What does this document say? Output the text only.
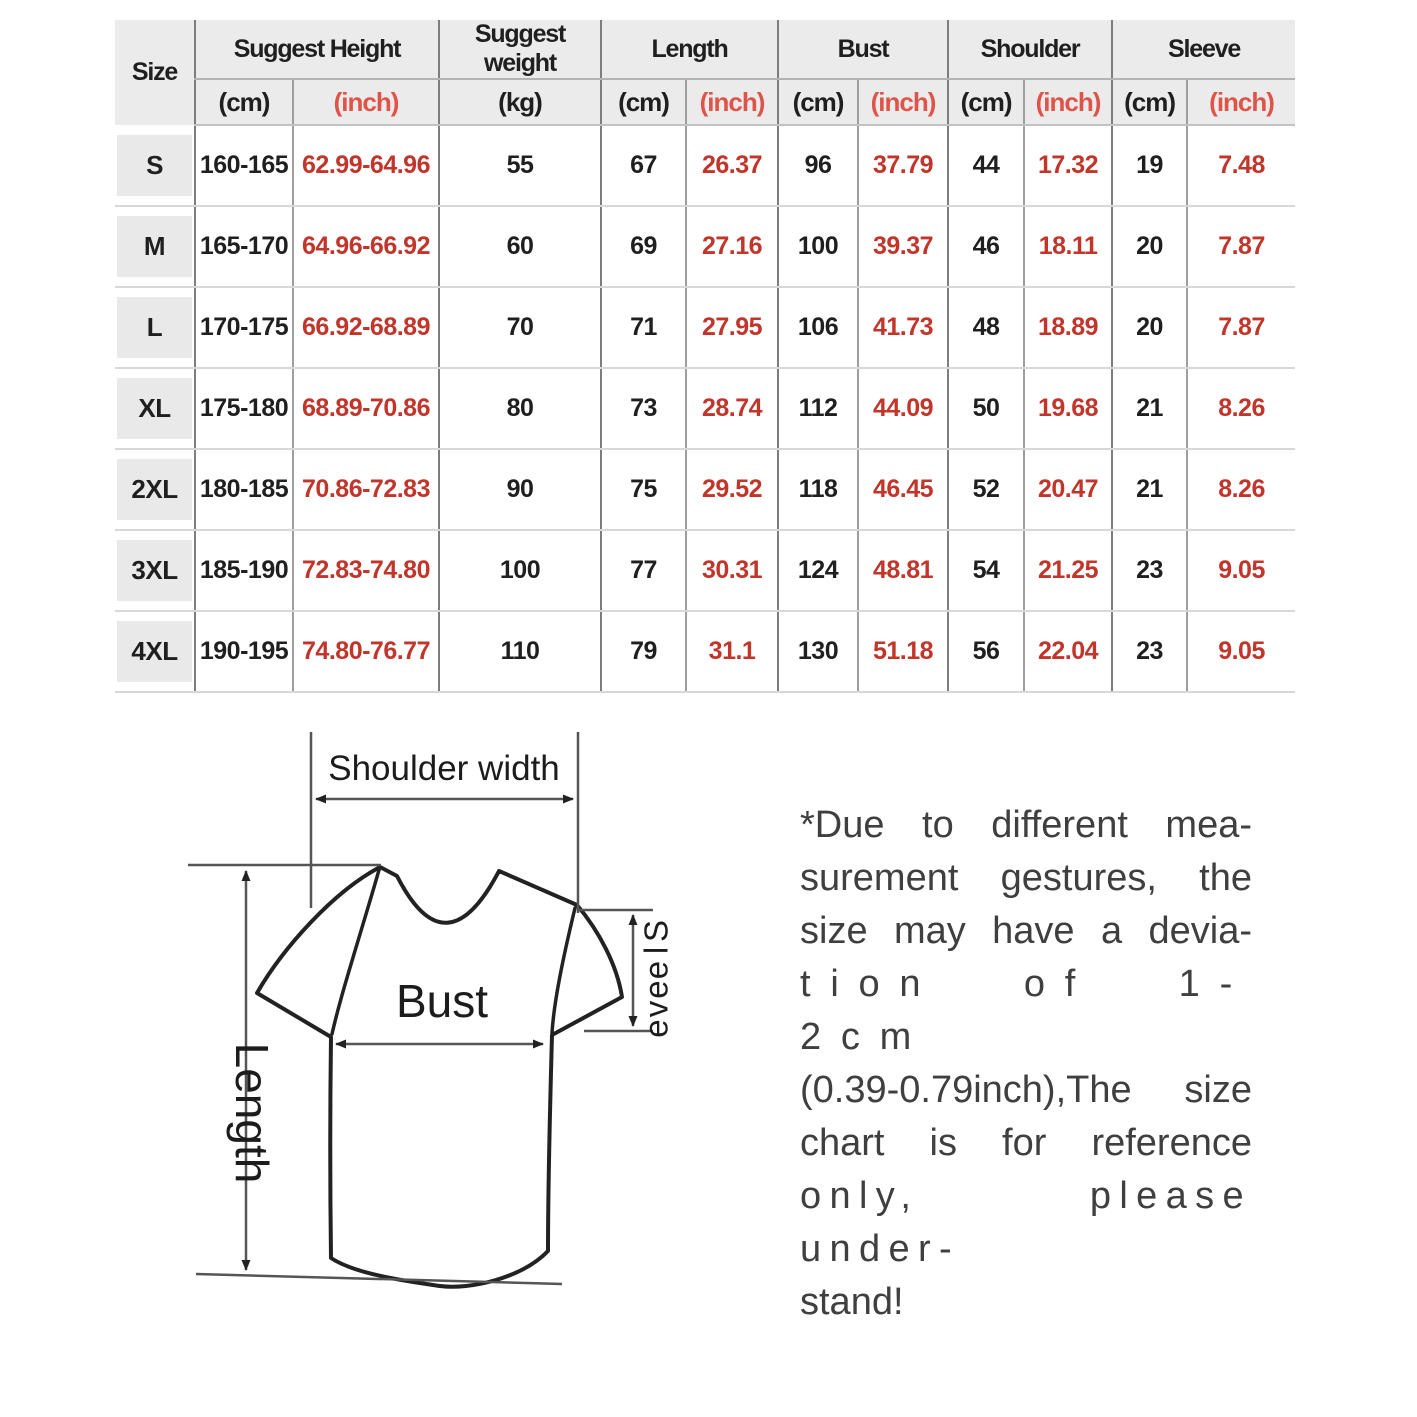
Size	Suggest Height		Suggest weight	Length		Bust		Shoulder		Sleeve	
	(cm)	(inch)	(kg)	(cm)	(inch)	(cm)	(inch)	(cm)	(inch)	(cm)	(inch)

S	160-165	62.99-64.96	55	67	26.37	96	37.79	44	17.32	19	7.48

M	165-170	64.96-66.92	60	69	27.16	100	39.37	46	18.11	20	7.87

L	170-175	66.92-68.89	70	71	27.95	106	41.73	48	18.89	20	7.87

XL	175-180	68.89-70.86	80	73	28.74	112	44.09	50	19.68	21	8.26

2XL	180-185	70.86-72.83	90	75	29.52	118	46.45	52	20.47	21	8.26

3XL	185-190	72.83-74.80	100	77	30.31	124	48.81	54	21.25	23	9.05

4XL	190-195	74.80-76.77	110	79	31.1	130	51.18	56	22.04	23	9.05
Shoulder width
Length
Bust
S
l
e
e
v
e
*Due to different mea-
surement gestures, the
size may have a devia-
tion of 1-2cm
(0.39-0.79inch),The size
chart is for reference
only, please under-
stand!
